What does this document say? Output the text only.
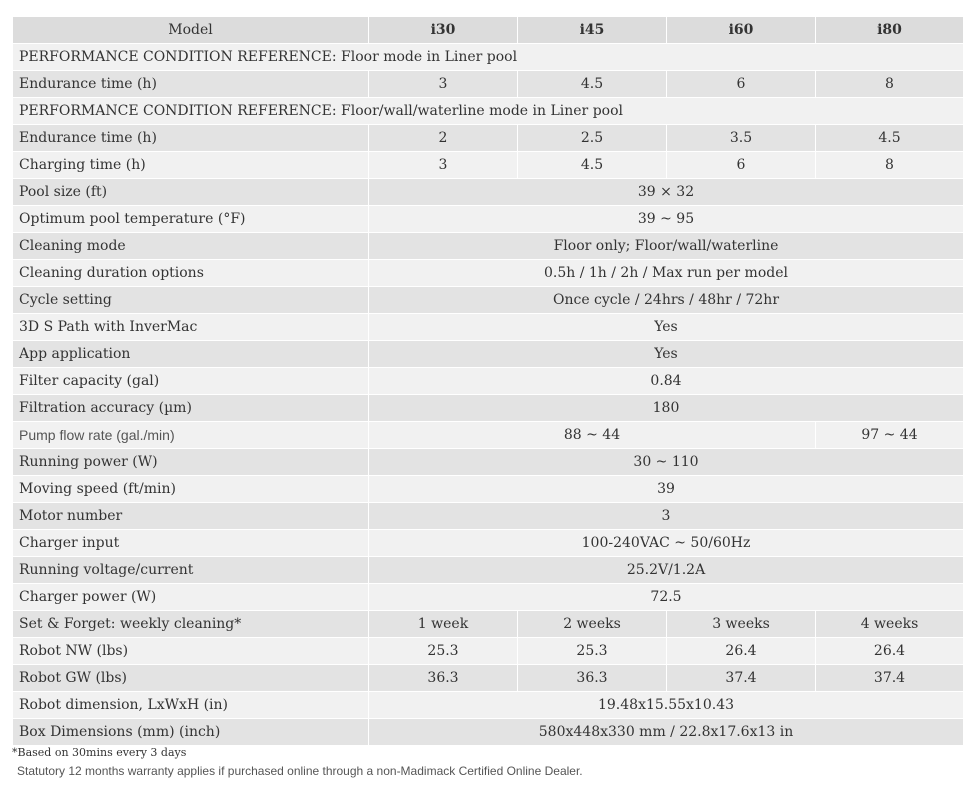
Model	i30	i45	i60	i80
PERFORMANCE CONDITION REFERENCE: Floor mode in Liner pool				
Endurance time (h)	3	4.5	6	8
PERFORMANCE CONDITION REFERENCE: Floor/wall/waterline mode in Liner pool				
Endurance time (h)	2	2.5	3.5	4.5
Charging time (h)	3	4.5	6	8
Pool size (ft)	39 × 32			
Optimum pool temperature (°F)	39 ~ 95			
Cleaning mode	Floor only; Floor/wall/waterline			
Cleaning duration options	0.5h / 1h / 2h / Max run per model			
Cycle setting	Once cycle / 24hrs / 48hr / 72hr			
3D S Path with InverMac	Yes			
App application	Yes			
Filter capacity (gal)	0.84			
Filtration accuracy (µm)	180			
Pump flow rate (gal./min)	88 ~ 44			97 ~ 44
Running power (W)	30 ~ 110			
Moving speed (ft/min)	39			
Motor number	3			
Charger input	100-240VAC ~ 50/60Hz			
Running voltage/current	25.2V/1.2A			
Charger power (W)	72.5			
Set & Forget: weekly cleaning*	1 week	2 weeks	3 weeks	4 weeks
Robot NW (lbs)	25.3	25.3	26.4	26.4
Robot GW (lbs)	36.3	36.3	37.4	37.4
Robot dimension, LxWxH (in)	19.48x15.55x10.43			
Box Dimensions (mm) (inch)	580x448x330 mm / 22.8x17.6x13 in			
*Based on 30mins every 3 days
Statutory 12 months warranty applies if purchased online through a non-Madimack Certified Online Dealer.
